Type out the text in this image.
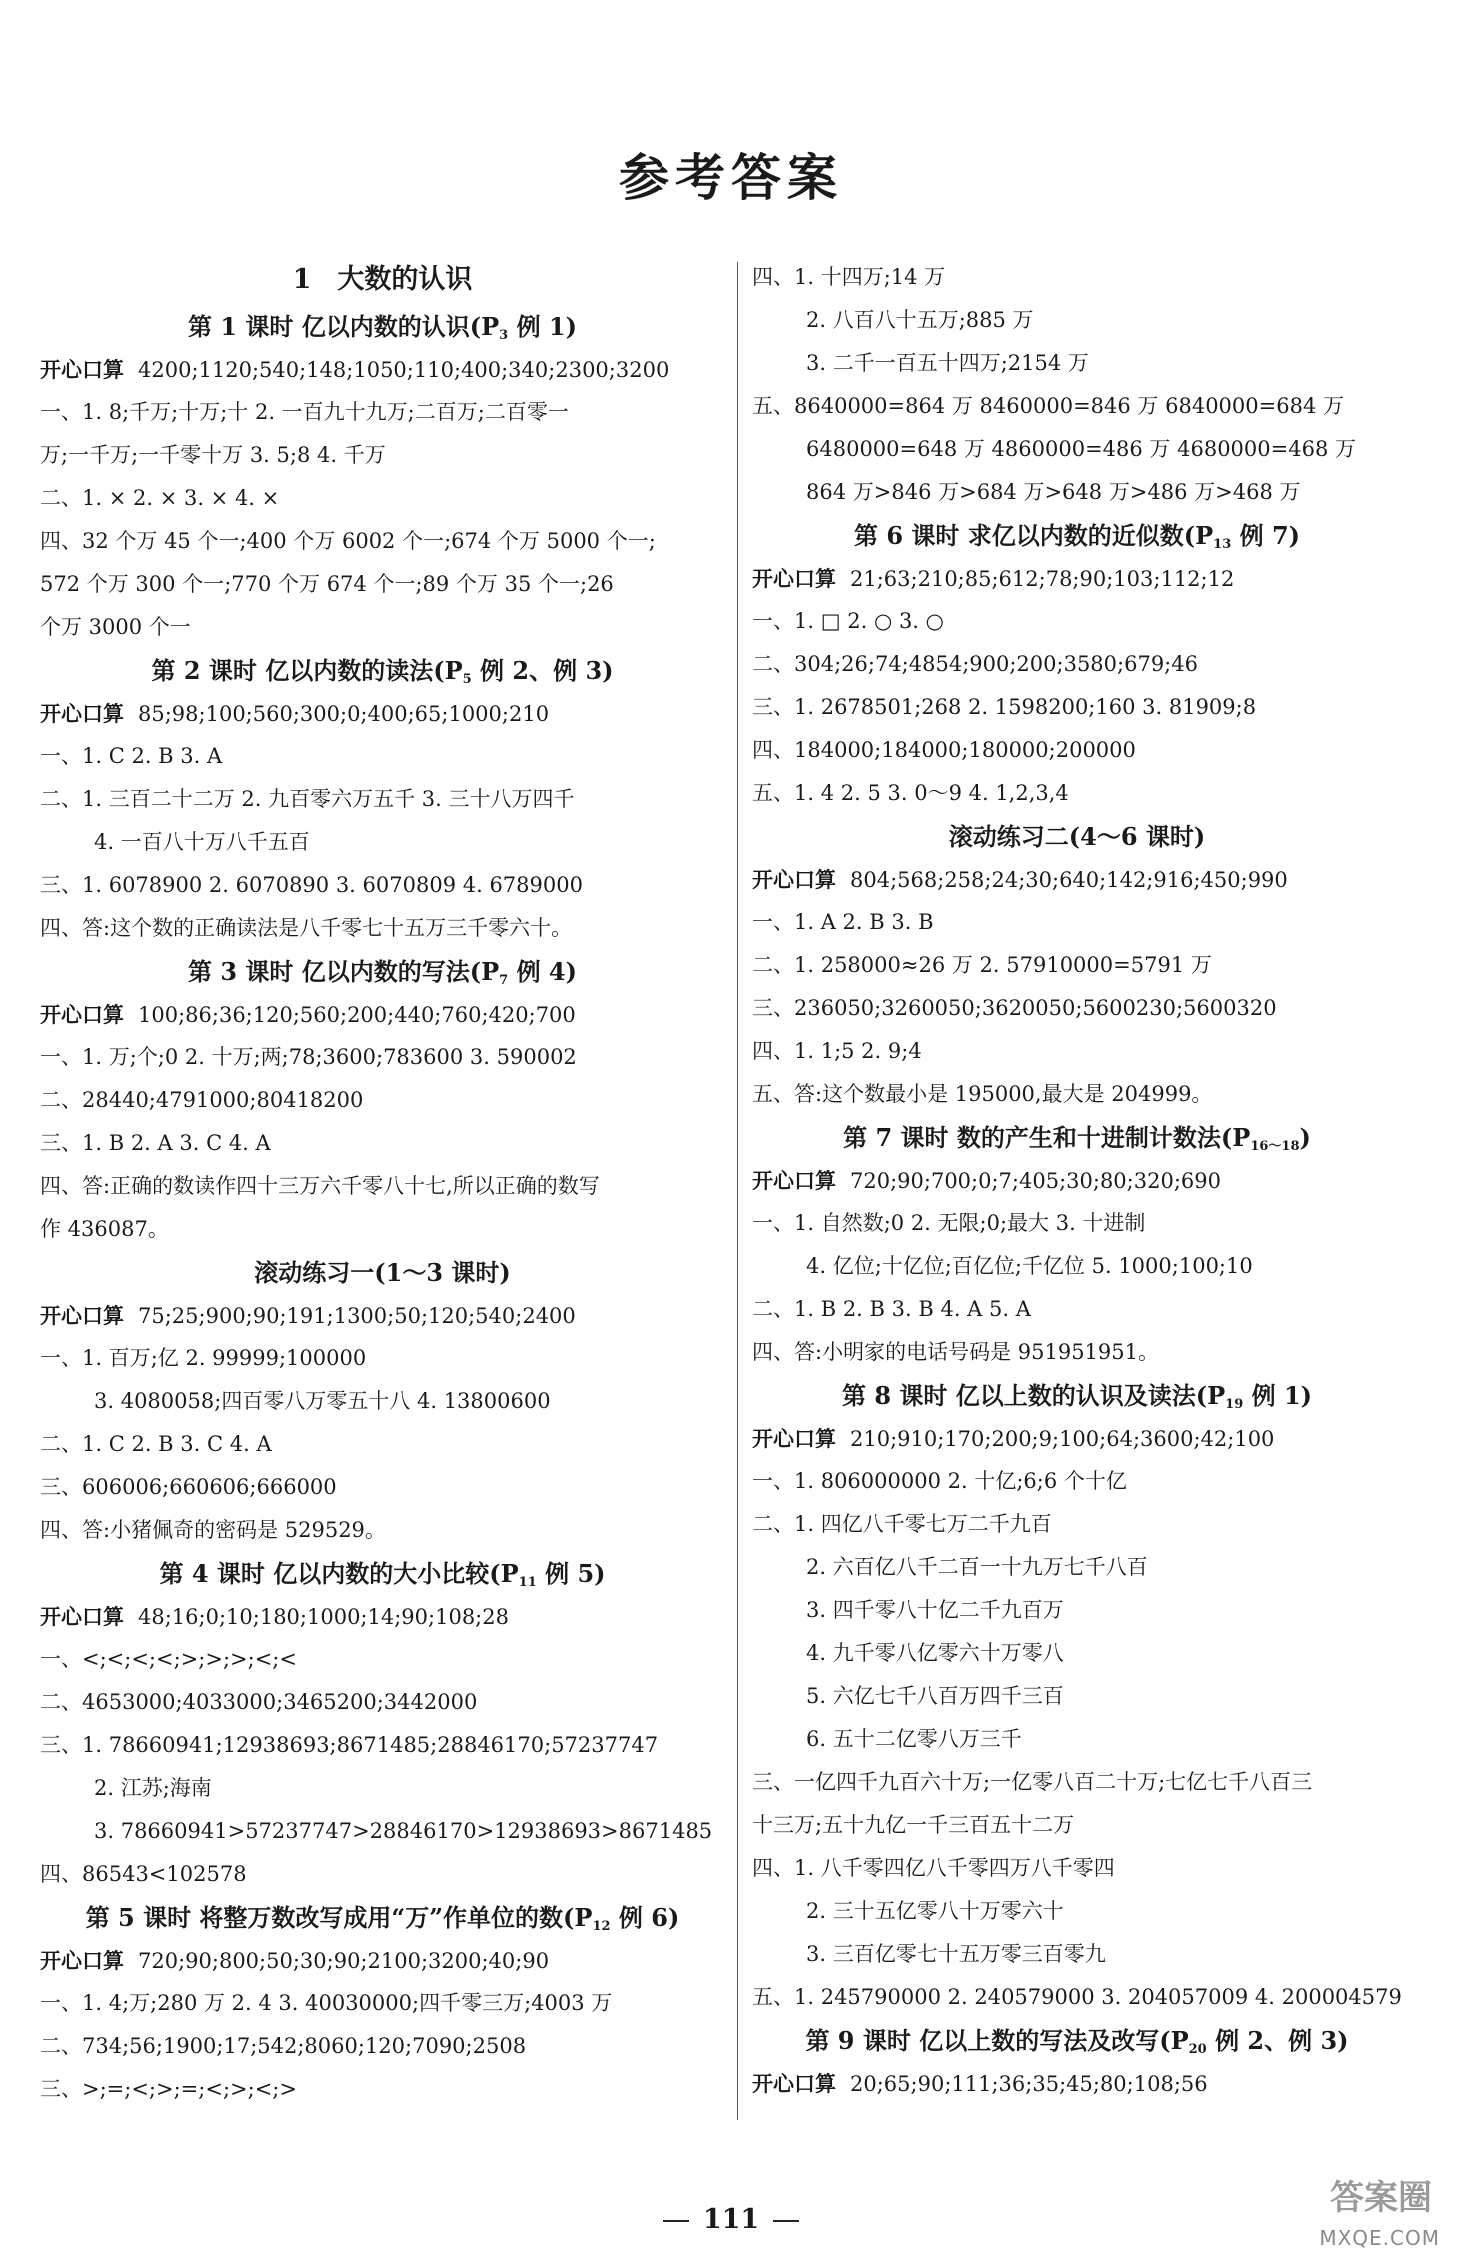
参考答案
1 大数的认识
第 1 课时 亿以内数的认识($P_3$ 例 1)
开心口算 4200;1120;540;148;1050;110;400;340;2300;3200
一、1. 8;千万;十万;十 2. 一百九十九万;二百万;二百零一
万;一千万;一千零十万 3. 5;8 4. 千万
二、1. × 2. × 3. × 4. ×
四、32 个万 45 个一;400 个万 6002 个一;674 个万 5000 个一;
572 个万 300 个一;770 个万 674 个一;89 个万 35 个一;26
个万 3000 个一
第 2 课时 亿以内数的读法($P_5$ 例 2、例 3)
开心口算 85;98;100;560;300;0;400;65;1000;210
一、1. C 2. B 3. A
二、1. 三百二十二万 2. 九百零六万五千 3. 三十八万四千
4. 一百八十万八千五百
三、1. 6078900 2. 6070890 3. 6070809 4. 6789000
四、答:这个数的正确读法是八千零七十五万三千零六十。
第 3 课时 亿以内数的写法($P_7$ 例 4)
开心口算 100;86;36;120;560;200;440;760;420;700
一、1. 万;个;0 2. 十万;两;78;3600;783600 3. 590002
二、28440;4791000;80418200
三、1. B 2. A 3. C 4. A
四、答:正确的数读作四十三万六千零八十七,所以正确的数写
作 436087。
滚动练习一(1～3 课时)
开心口算 75;25;900;90;191;1300;50;120;540;2400
一、1. 百万;亿 2. 99999;100000
3. 4080058;四百零八万零五十八 4. 13800600
二、1. C 2. B 3. C 4. A
三、606006;660606;666000
四、答:小猪佩奇的密码是 529529。
第 4 课时 亿以内数的大小比较($P_{11}$ 例 5)
开心口算 48;16;0;10;180;1000;14;90;108;28
一、<;<;<;<;>;>;>;<;<
二、4653000;4033000;3465200;3442000
三、1. 78660941;12938693;8671485;28846170;57237747
2. 江苏;海南
3. 78660941>57237747>28846170>12938693>8671485
四、86543<102578
第 5 课时 将整万数改写成用“万”作单位的数($P_{12}$ 例 6)
开心口算 720;90;800;50;30;90;2100;3200;40;90
一、1. 4;万;280 万 2. 4 3. 40030000;四千零三万;4003 万
二、734;56;1900;17;542;8060;120;7090;2508
三、>;=;<;>;=;<;>;<;>
四、1. 十四万;14 万
2. 八百八十五万;885 万
3. 二千一百五十四万;2154 万
五、8640000=864 万 8460000=846 万 6840000=684 万
6480000=648 万 4860000=486 万 4680000=468 万
864 万>846 万>684 万>648 万>486 万>468 万
第 6 课时 求亿以内数的近似数($P_{13}$ 例 7)
开心口算 21;63;210;85;612;78;90;103;112;12
一、1. □ 2. ○ 3. ○
二、304;26;74;4854;900;200;3580;679;46
三、1. 2678501;268 2. 1598200;160 3. 81909;8
四、184000;184000;180000;200000
五、1. 4 2. 5 3. 0～9 4. 1,2,3,4
滚动练习二(4～6 课时)
开心口算 804;568;258;24;30;640;142;916;450;990
一、1. A 2. B 3. B
二、1. 258000≈26 万 2. 57910000=5791 万
三、236050;3260050;3620050;5600230;5600320
四、1. 1;5 2. 9;4
五、答:这个数最小是 195000,最大是 204999。
第 7 课时 数的产生和十进制计数法$(P_{16\sim 18})$
开心口算 720;90;700;0;7;405;30;80;320;690
一、1. 自然数;0 2. 无限;0;最大 3. 十进制
4. 亿位;十亿位;百亿位;千亿位 5. 1000;100;10
二、1. B 2. B 3. B 4. A 5. A
四、答:小明家的电话号码是 951951951。
第 8 课时 亿以上数的认识及读法($P_{19}$ 例 1)
开心口算 210;910;170;200;9;100;64;3600;42;100
一、1. 806000000 2. 十亿;6;6 个十亿
二、1. 四亿八千零七万二千九百
2. 六百亿八千二百一十九万七千八百
3. 四千零八十亿二千九百万
4. 九千零八亿零六十万零八
5. 六亿七千八百万四千三百
6. 五十二亿零八万三千
三、一亿四千九百六十万;一亿零八百二十万;七亿七千八百三
十三万;五十九亿一千三百五十二万
四、1. 八千零四亿八千零四万八千零四
2. 三十五亿零八十万零六十
3. 三百亿零七十五万零三百零九
五、1. 245790000 2. 240579000 3. 204057009 4. 200004579
第 9 课时 亿以上数的写法及改写($P_{20}$ 例 2、例 3)
开心口算 20;65;90;111;36;35;45;80;108;56
111
答案圈
MXQE.COM
